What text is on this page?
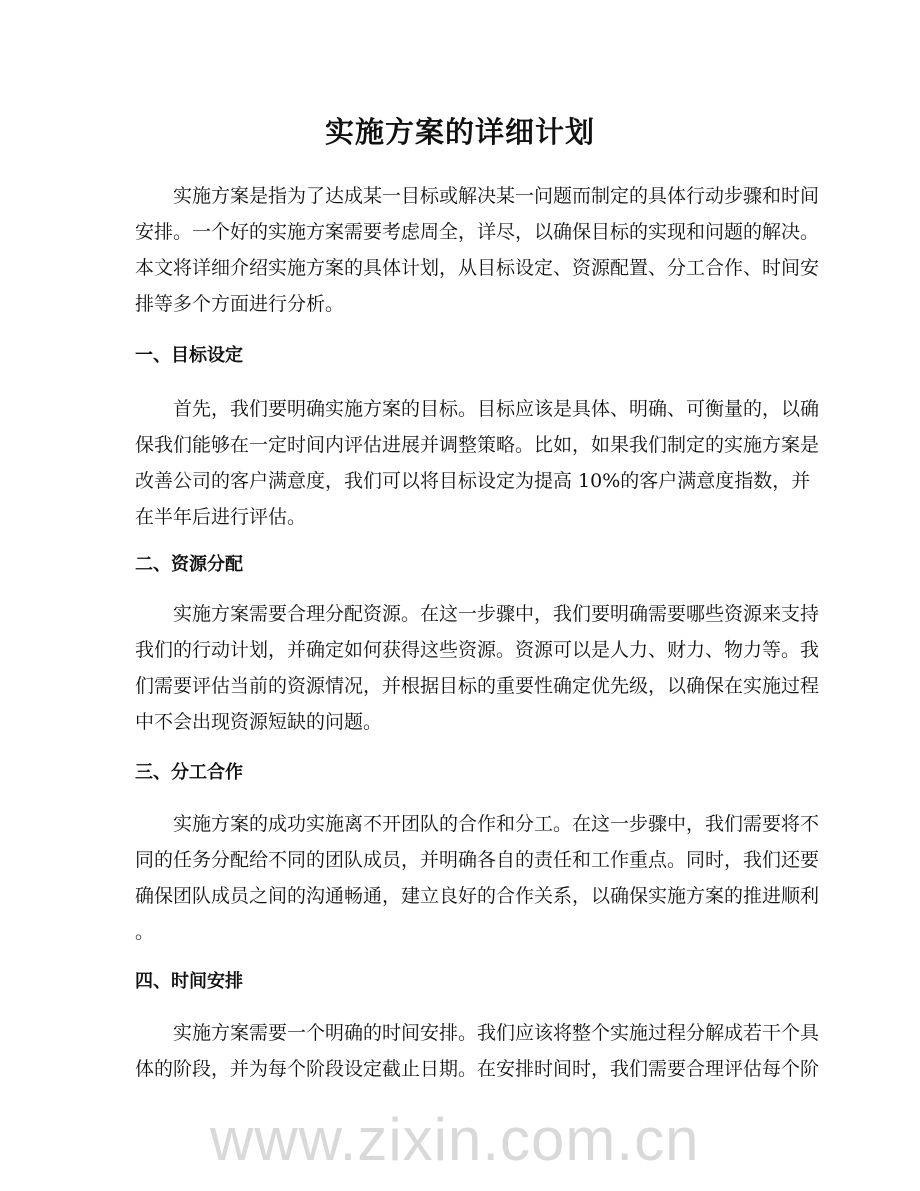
实施方案的详细计划
实施方案是指为了达成某一目标或解决某一问题而制定的具体行动步骤和时间
安排。一个好的实施方案需要考虑周全，详尽，以确保目标的实现和问题的解决。
本文将详细介绍实施方案的具体计划，从目标设定、资源配置、分工合作、时间安
排等多个方面进行分析。
一、目标设定
首先，我们要明确实施方案的目标。目标应该是具体、明确、可衡量的，以确
保我们能够在一定时间内评估进展并调整策略。比如，如果我们制定的实施方案是
改善公司的客户满意度，我们可以将目标设定为提高 10%的客户满意度指数，并
在半年后进行评估。
二、资源分配
实施方案需要合理分配资源。在这一步骤中，我们要明确需要哪些资源来支持
我们的行动计划，并确定如何获得这些资源。资源可以是人力、财力、物力等。我
们需要评估当前的资源情况，并根据目标的重要性确定优先级，以确保在实施过程
中不会出现资源短缺的问题。
三、分工合作
实施方案的成功实施离不开团队的合作和分工。在这一步骤中，我们需要将不
同的任务分配给不同的团队成员，并明确各自的责任和工作重点。同时，我们还要
确保团队成员之间的沟通畅通，建立良好的合作关系，以确保实施方案的推进顺利
。
四、时间安排
实施方案需要一个明确的时间安排。我们应该将整个实施过程分解成若干个具
体的阶段，并为每个阶段设定截止日期。在安排时间时，我们需要合理评估每个阶
www.zixin.com.cn
